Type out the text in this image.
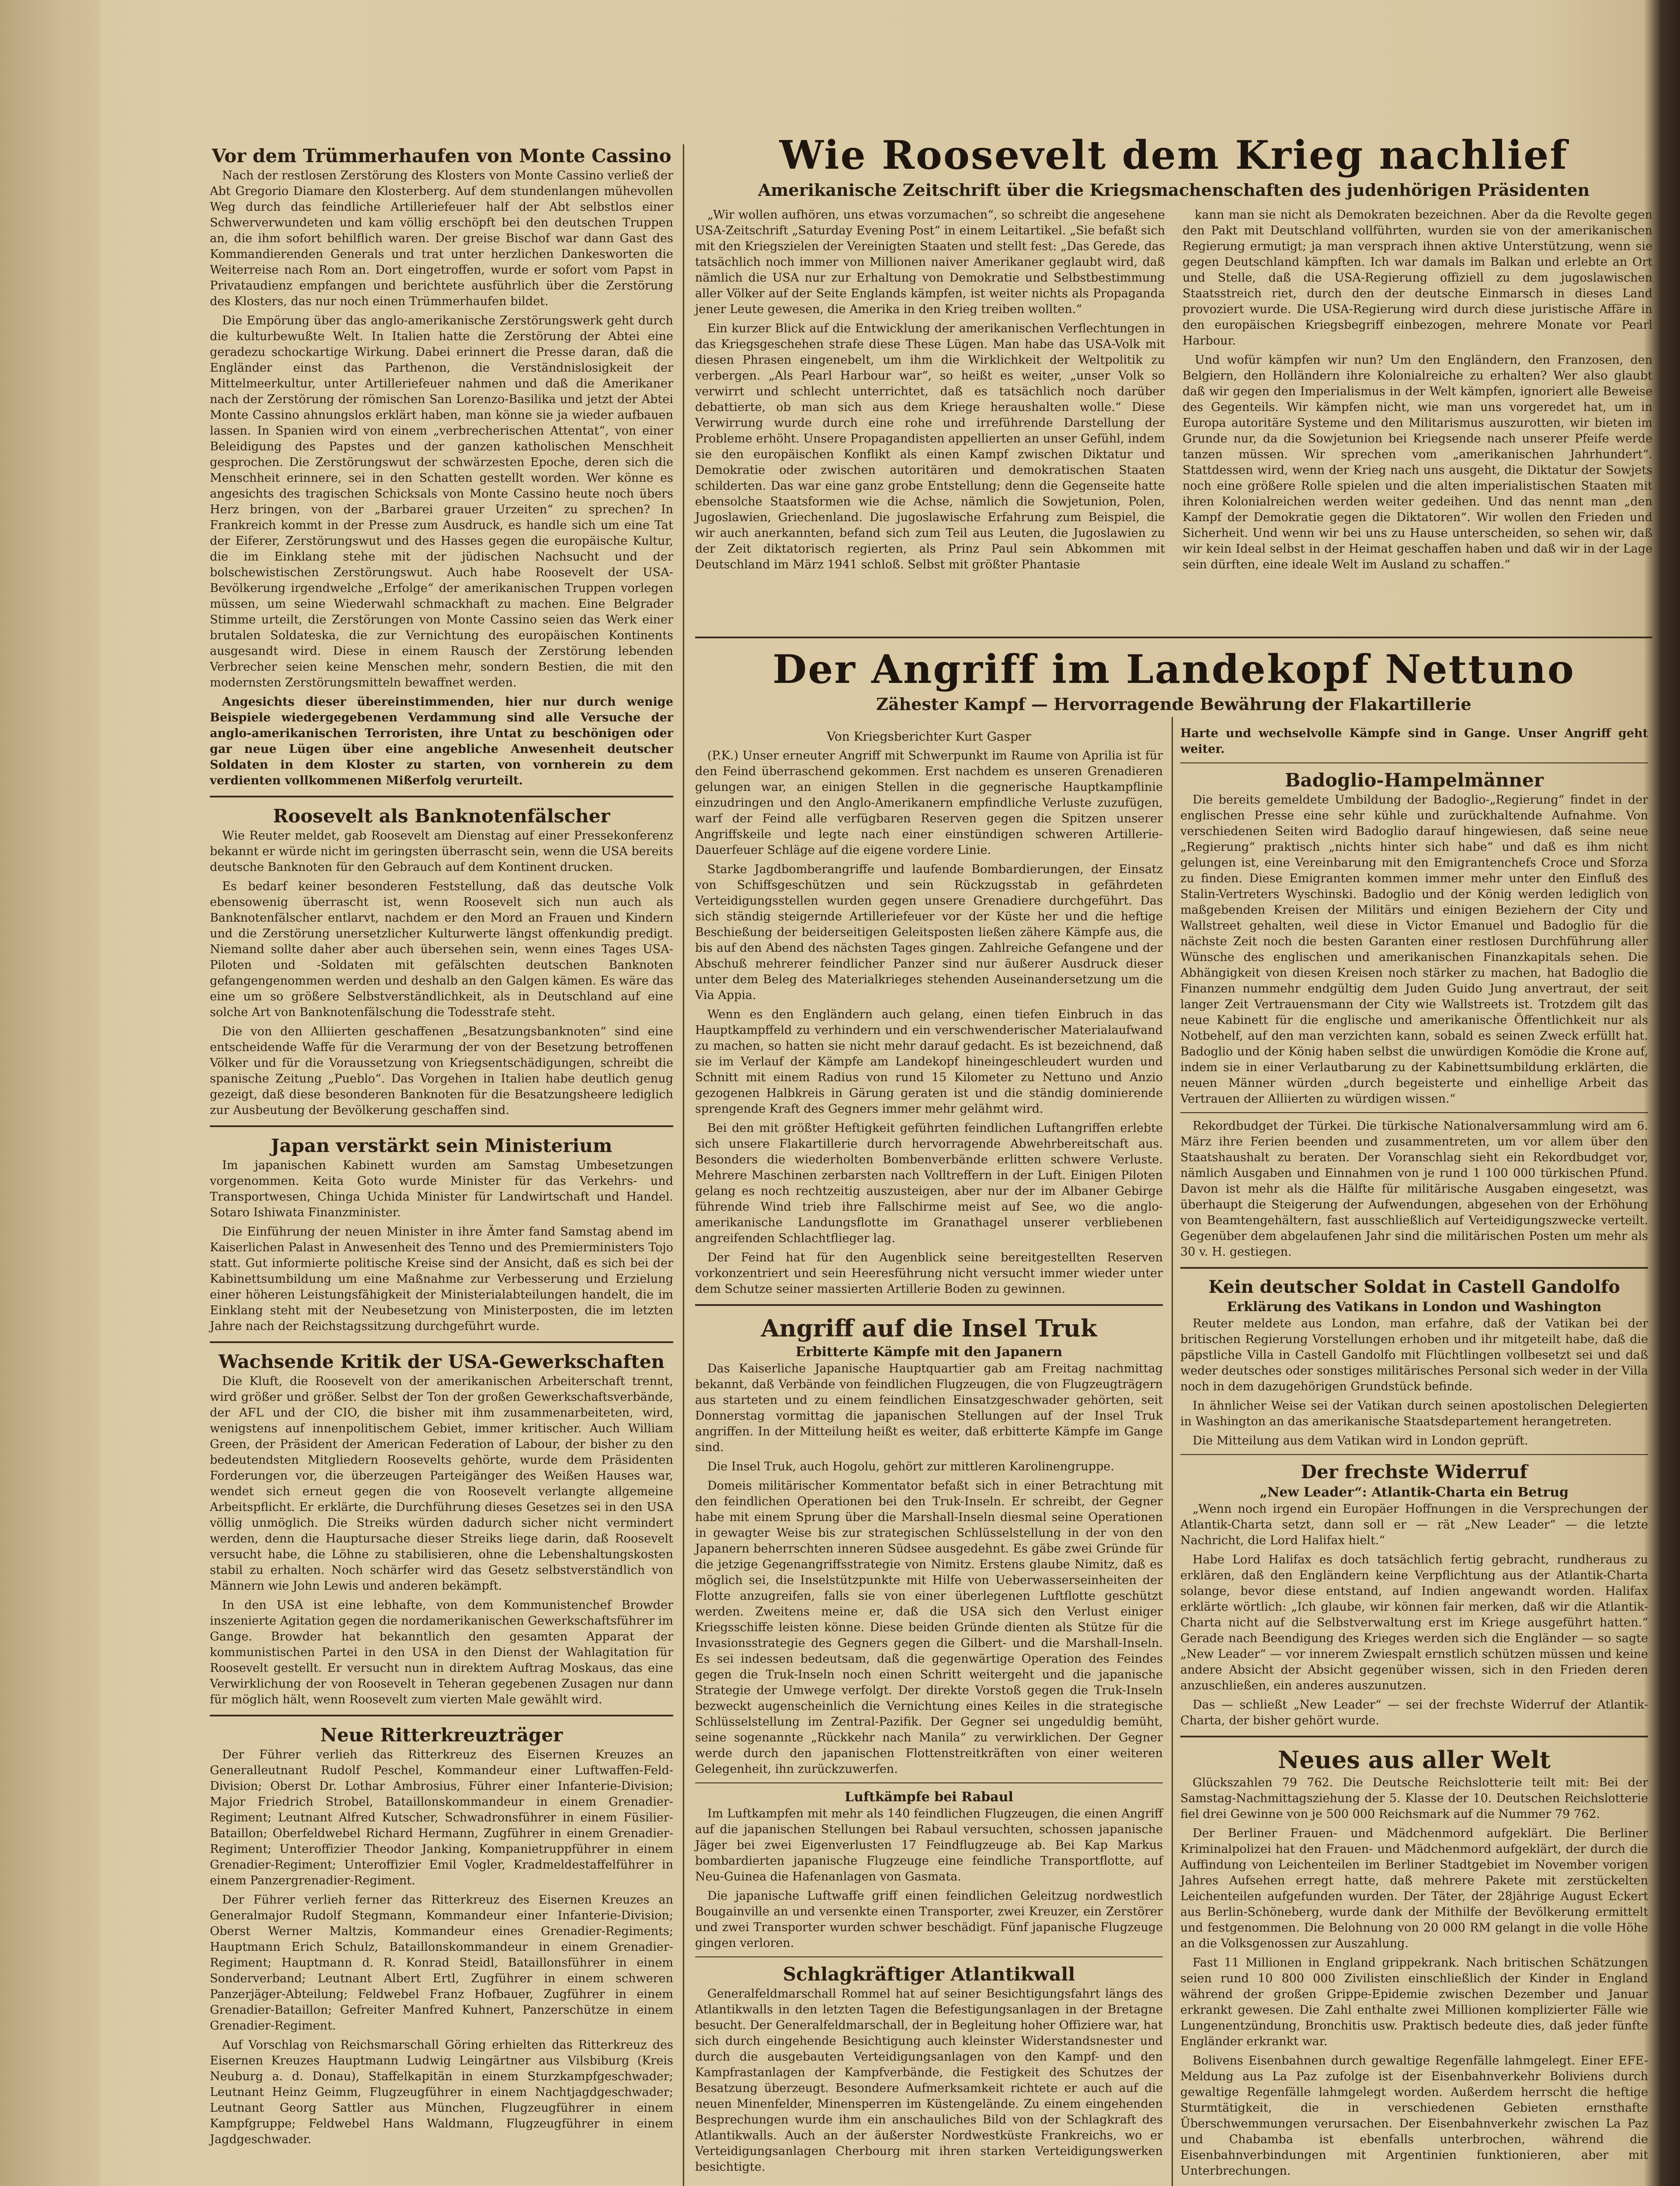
Vor dem Trümmerhaufen von Monte Cassino

Nach der restlosen Zerstörung des Klosters von Monte Cassino verließ der Abt Gregorio Diamare den Klosterberg. Auf dem stundenlangen mühevollen Weg durch das feindliche Artilleriefeuer half der Abt selbstlos einer Schwerverwundeten und kam völlig erschöpft bei den deutschen Truppen an, die ihm sofort behilflich waren. Der greise Bischof war dann Gast des Kommandierenden Generals und trat unter herzlichen Dankesworten die Weiterreise nach Rom an. Dort eingetroffen, wurde er sofort vom Papst in Privataudienz empfangen und berichtete ausführlich über die Zerstörung des Klosters, das nur noch einen Trümmerhaufen bildet.

Die Empörung über das anglo-amerikanische Zerstörungswerk geht durch die kulturbewußte Welt. In Italien hatte die Zerstörung der Abtei eine geradezu schockartige Wirkung. Dabei erinnert die Presse daran, daß die Engländer einst das Parthenon, die Verständnislosigkeit der Mittelmeerkultur, unter Artilleriefeuer nahmen und daß die Amerikaner nach der Zerstörung der römischen San Lorenzo-Basilika und jetzt der Abtei Monte Cassino ahnungslos erklärt haben, man könne sie ja wieder aufbauen lassen. In Spanien wird von einem „verbrecherischen Attentat“, von einer Beleidigung des Papstes und der ganzen katholischen Menschheit gesprochen. Die Zerstörungswut der schwärzesten Epoche, deren sich die Menschheit erinnere, sei in den Schatten gestellt worden. Wer könne es angesichts des tragischen Schicksals von Monte Cassino heute noch übers Herz bringen, von der „Barbarei grauer Urzeiten“ zu sprechen? In Frankreich kommt in der Presse zum Ausdruck, es handle sich um eine Tat der Eiferer, Zerstörungswut und des Hasses gegen die europäische Kultur, die im Einklang stehe mit der jüdischen Nachsucht und der bolschewistischen Zerstörungswut. Auch habe Roosevelt der USA-Bevölkerung irgendwelche „Erfolge“ der amerikanischen Truppen vorlegen müssen, um seine Wiederwahl schmackhaft zu machen. Eine Belgrader Stimme urteilt, die Zerstörungen von Monte Cassino seien das Werk einer brutalen Soldateska, die zur Vernichtung des europäischen Kontinents ausgesandt wird. Diese in einem Rausch der Zerstörung lebenden Verbrecher seien keine Menschen mehr, sondern Bestien, die mit den modernsten Zerstörungsmitteln bewaffnet werden.

Angesichts dieser übereinstimmenden, hier nur durch wenige Beispiele wiedergegebenen Verdammung sind alle Versuche der anglo-amerikanischen Terroristen, ihre Untat zu beschönigen oder gar neue Lügen über eine angebliche Anwesenheit deutscher Soldaten in dem Kloster zu starten, von vornherein zu dem verdienten vollkommenen Mißerfolg verurteilt.

Roosevelt als Banknotenfälscher

Wie Reuter meldet, gab Roosevelt am Dienstag auf einer Pressekonferenz bekannt er würde nicht im geringsten überrascht sein, wenn die USA bereits deutsche Banknoten für den Gebrauch auf dem Kontinent drucken.

Es bedarf keiner besonderen Feststellung, daß das deutsche Volk ebensowenig überrascht ist, wenn Roosevelt sich nun auch als Banknotenfälscher entlarvt, nachdem er den Mord an Frauen und Kindern und die Zerstörung unersetzlicher Kulturwerte längst offenkundig predigt. Niemand sollte daher aber auch übersehen sein, wenn eines Tages USA-Piloten und -Soldaten mit gefälschten deutschen Banknoten gefangengenommen werden und deshalb an den Galgen kämen. Es wäre das eine um so größere Selbstverständlichkeit, als in Deutschland auf eine solche Art von Banknotenfälschung die Todesstrafe steht.

Die von den Alliierten geschaffenen „Besatzungsbanknoten“ sind eine entscheidende Waffe für die Verarmung der von der Besetzung betroffenen Völker und für die Voraussetzung von Kriegsentschädigungen, schreibt die spanische Zeitung „Pueblo“. Das Vorgehen in Italien habe deutlich genug gezeigt, daß diese besonderen Banknoten für die Besatzungsheere lediglich zur Ausbeutung der Bevölkerung geschaffen sind.

Japan verstärkt sein Ministerium

Im japanischen Kabinett wurden am Samstag Umbesetzungen vorgenommen. Keita Goto wurde Minister für das Verkehrs- und Transportwesen, Chinga Uchida Minister für Landwirtschaft und Handel. Sotaro Ishiwata Finanzminister.

Die Einführung der neuen Minister in ihre Ämter fand Samstag abend im Kaiserlichen Palast in Anwesenheit des Tenno und des Premierministers Tojo statt. Gut informierte politische Kreise sind der Ansicht, daß es sich bei der Kabinettsumbildung um eine Maßnahme zur Verbesserung und Erzielung einer höheren Leistungsfähigkeit der Ministerialabteilungen handelt, die im Einklang steht mit der Neubesetzung von Ministerposten, die im letzten Jahre nach der Reichstagssitzung durchgeführt wurde.

Wachsende Kritik der USA-Gewerkschaften

Die Kluft, die Roosevelt von der amerikanischen Arbeiterschaft trennt, wird größer und größer. Selbst der Ton der großen Gewerkschaftsverbände, der AFL und der CIO, die bisher mit ihm zusammenarbeiteten, wird, wenigstens auf innenpolitischem Gebiet, immer kritischer. Auch William Green, der Präsident der American Federation of Labour, der bisher zu den bedeutendsten Mitgliedern Roosevelts gehörte, wurde dem Präsidenten Forderungen vor, die überzeugen Parteigänger des Weißen Hauses war, wendet sich erneut gegen die von Roosevelt verlangte allgemeine Arbeitspflicht. Er erklärte, die Durchführung dieses Gesetzes sei in den USA völlig unmöglich. Die Streiks würden dadurch sicher nicht vermindert werden, denn die Hauptursache dieser Streiks liege darin, daß Roosevelt versucht habe, die Löhne zu stabilisieren, ohne die Lebenshaltungskosten stabil zu erhalten. Noch schärfer wird das Gesetz selbstverständlich von Männern wie John Lewis und anderen bekämpft.

In den USA ist eine lebhafte, von dem Kommunistenchef Browder inszenierte Agitation gegen die nordamerikanischen Gewerkschaftsführer im Gange. Browder hat bekanntlich den gesamten Apparat der kommunistischen Partei in den USA in den Dienst der Wahlagitation für Roosevelt gestellt. Er versucht nun in direktem Auftrag Moskaus, das eine Verwirklichung der von Roosevelt in Teheran gegebenen Zusagen nur dann für möglich hält, wenn Roosevelt zum vierten Male gewählt wird.

Neue Ritterkreuzträger

Der Führer verlieh das Ritterkreuz des Eisernen Kreuzes an Generalleutnant Rudolf Peschel, Kommandeur einer Luftwaffen-Feld-Division; Oberst Dr. Lothar Ambrosius, Führer einer Infanterie-Division; Major Friedrich Strobel, Bataillonskommandeur in einem Grenadier-Regiment; Leutnant Alfred Kutscher, Schwadronsführer in einem Füsilier-Bataillon; Oberfeldwebel Richard Hermann, Zugführer in einem Grenadier-Regiment; Unteroffizier Theodor Janking, Kompanietruppführer in einem Grenadier-Regiment; Unteroffizier Emil Vogler, Kradmeldestaffelführer in einem Panzergrenadier-Regiment.

Der Führer verlieh ferner das Ritterkreuz des Eisernen Kreuzes an Generalmajor Rudolf Stegmann, Kommandeur einer Infanterie-Division; Oberst Werner Maltzis, Kommandeur eines Grenadier-Regiments; Hauptmann Erich Schulz, Bataillonskommandeur in einem Grenadier-Regiment; Hauptmann d. R. Konrad Steidl, Bataillonsführer in einem Sonderverband; Leutnant Albert Ertl, Zugführer in einem schweren Panzerjäger-Abteilung; Feldwebel Franz Hofbauer, Zugführer in einem Grenadier-Bataillon; Gefreiter Manfred Kuhnert, Panzerschütze in einem Grenadier-Regiment.

Auf Vorschlag von Reichsmarschall Göring erhielten das Ritterkreuz des Eisernen Kreuzes Hauptmann Ludwig Leingärtner aus Vilsbiburg (Kreis Neuburg a. d. Donau), Staffelkapitän in einem Sturzkampfgeschwader; Leutnant Heinz Geimm, Flugzeugführer in einem Nachtjagdgeschwader; Leutnant Georg Sattler aus München, Flugzeugführer in einem Kampfgruppe; Feldwebel Hans Waldmann, Flugzeugführer in einem Jagdgeschwader.

Wie Roosevelt dem Krieg nachlief
Amerikanische Zeitschrift über die Kriegsmachenschaften des judenhörigen Präsidenten

„Wir wollen aufhören, uns etwas vorzumachen“, so schreibt die angesehene USA-Zeitschrift „Saturday Evening Post“ in einem Leitartikel. „Sie befaßt sich mit den Kriegszielen der Vereinigten Staaten und stellt fest: „Das Gerede, das tatsächlich noch immer von Millionen naiver Amerikaner geglaubt wird, daß nämlich die USA nur zur Erhaltung von Demokratie und Selbstbestimmung aller Völker auf der Seite Englands kämpfen, ist weiter nichts als Propaganda jener Leute gewesen, die Amerika in den Krieg treiben wollten.“

Ein kurzer Blick auf die Entwicklung der amerikanischen Verflechtungen in das Kriegsgeschehen strafe diese These Lügen. Man habe das USA-Volk mit diesen Phrasen eingenebelt, um ihm die Wirklichkeit der Weltpolitik zu verbergen. „Als Pearl Harbour war“, so heißt es weiter, „unser Volk so verwirrt und schlecht unterrichtet, daß es tatsächlich noch darüber debattierte, ob man sich aus dem Kriege heraushalten wolle.“ Diese Verwirrung wurde durch eine rohe und irreführende Darstellung der Probleme erhöht. Unsere Propagandisten appellierten an unser Gefühl, indem sie den europäischen Konflikt als einen Kampf zwischen Diktatur und Demokratie oder zwischen autoritären und demokratischen Staaten schilderten. Das war eine ganz grobe Entstellung; denn die Gegenseite hatte ebensolche Staatsformen wie die Achse, nämlich die Sowjetunion, Polen, Jugoslawien, Griechenland. Die jugoslawische Erfahrung zum Beispiel, die wir auch anerkannten, befand sich zum Teil aus Leuten, die Jugoslawien zu der Zeit diktatorisch regierten, als Prinz Paul sein Abkommen mit Deutschland im März 1941 schloß. Selbst mit größter Phantasie

kann man sie nicht als Demokraten bezeichnen. Aber da die Revolte gegen den Pakt mit Deutschland vollführten, wurden sie von der amerikanischen Regierung ermutigt; ja man versprach ihnen aktive Unterstützung, wenn sie gegen Deutschland kämpften. Ich war damals im Balkan und erlebte an Ort und Stelle, daß die USA-Regierung offiziell zu dem jugoslawischen Staatsstreich riet, durch den der deutsche Einmarsch in dieses Land provoziert wurde. Die USA-Regierung wird durch diese juristische Affäre in den europäischen Kriegsbegriff einbezogen, mehrere Monate vor Pearl Harbour.

Und wofür kämpfen wir nun? Um den Engländern, den Franzosen, den Belgiern, den Holländern ihre Kolonialreiche zu erhalten? Wer also glaubt daß wir gegen den Imperialismus in der Welt kämpfen, ignoriert alle Beweise des Gegenteils. Wir kämpfen nicht, wie man uns vorgeredet hat, um in Europa autoritäre Systeme und den Militarismus auszurotten, wir bieten im Grunde nur, da die Sowjetunion bei Kriegsende nach unserer Pfeife werde tanzen müssen. Wir sprechen vom „amerikanischen Jahrhundert“. Stattdessen wird, wenn der Krieg nach uns ausgeht, die Diktatur der Sowjets noch eine größere Rolle spielen und die alten imperialistischen Staaten mit ihren Kolonialreichen werden weiter gedeihen. Und das nennt man „den Kampf der Demokratie gegen die Diktatoren“. Wir wollen den Frieden und Sicherheit. Und wenn wir bei uns zu Hause unterscheiden, so sehen wir, daß wir kein Ideal selbst in der Heimat geschaffen haben und daß wir in der Lage sein dürften, eine ideale Welt im Ausland zu schaffen.“

Der Angriff im Landekopf Nettuno
Zähester Kampf — Hervorragende Bewährung der Flakartillerie
Von Kriegsberichter Kurt Gasper

(P.K.) Unser erneuter Angriff mit Schwerpunkt im Raume von Aprilia ist für den Feind überraschend gekommen. Erst nachdem es unseren Grenadieren gelungen war, an einigen Stellen in die gegnerische Hauptkampflinie einzudringen und den Anglo-Amerikanern empfindliche Verluste zuzufügen, warf der Feind alle verfügbaren Reserven gegen die Spitzen unserer Angriffskeile und legte nach einer einstündigen schweren Artillerie-Dauerfeuer Schläge auf die eigene vordere Linie.

Starke Jagdbomberangriffe und laufende Bombardierungen, der Einsatz von Schiffsgeschützen und sein Rückzugsstab in gefährdeten Verteidigungsstellen wurden gegen unsere Grenadiere durchgeführt. Das sich ständig steigernde Artilleriefeuer vor der Küste her und die heftige Beschießung der beiderseitigen Geleitsposten ließen zähere Kämpfe aus, die bis auf den Abend des nächsten Tages gingen. Zahlreiche Gefangene und der Abschuß mehrerer feindlicher Panzer sind nur äußerer Ausdruck dieser unter dem Beleg des Materialkrieges stehenden Auseinandersetzung um die Via Appia.

Wenn es den Engländern auch gelang, einen tiefen Einbruch in das Hauptkampffeld zu verhindern und ein verschwenderischer Materialaufwand zu machen, so hatten sie nicht mehr darauf gedacht. Es ist bezeichnend, daß sie im Verlauf der Kämpfe am Landekopf hineingeschleudert wurden und Schnitt mit einem Radius von rund 15 Kilometer zu Nettuno und Anzio gezogenen Halbkreis in Gärung geraten ist und die ständig dominierende sprengende Kraft des Gegners immer mehr gelähmt wird.

Bei den mit größter Heftigkeit geführten feindlichen Luftangriffen erlebte sich unsere Flakartillerie durch hervorragende Abwehrbereitschaft aus. Besonders die wiederholten Bombenverbände erlitten schwere Verluste. Mehrere Maschinen zerbarsten nach Volltreffern in der Luft. Einigen Piloten gelang es noch rechtzeitig auszusteigen, aber nur der im Albaner Gebirge führende Wind trieb ihre Fallschirme meist auf See, wo die anglo-amerikanische Landungsflotte im Granathagel unserer verbliebenen angreifenden Schlachtflieger lag.

Der Feind hat für den Augenblick seine bereitgestellten Reserven vorkonzentriert und sein Heeresführung nicht versucht immer wieder unter dem Schutze seiner massierten Artillerie Boden zu gewinnen.

Angriff auf die Insel Truk
Erbitterte Kämpfe mit den Japanern

Das Kaiserliche Japanische Hauptquartier gab am Freitag nachmittag bekannt, daß Verbände von feindlichen Flugzeugen, die von Flugzeugträgern aus starteten und zu einem feindlichen Einsatzgeschwader gehörten, seit Donnerstag vormittag die japanischen Stellungen auf der Insel Truk angriffen. In der Mitteilung heißt es weiter, daß erbitterte Kämpfe im Gange sind.

Die Insel Truk, auch Hogolu, gehört zur mittleren Karolinengruppe.

Domeis militärischer Kommentator befaßt sich in einer Betrachtung mit den feindlichen Operationen bei den Truk-Inseln. Er schreibt, der Gegner habe mit einem Sprung über die Marshall-Inseln diesmal seine Operationen in gewagter Weise bis zur strategischen Schlüsselstellung in der von den Japanern beherrschten inneren Südsee ausgedehnt. Es gäbe zwei Gründe für die jetzige Gegenangriffsstrategie von Nimitz. Erstens glaube Nimitz, daß es möglich sei, die Inselstützpunkte mit Hilfe von Ueberwasserseinheiten der Flotte anzugreifen, falls sie von einer überlegenen Luftflotte geschützt werden. Zweitens meine er, daß die USA sich den Verlust einiger Kriegsschiffe leisten könne. Diese beiden Gründe dienten als Stütze für die Invasionsstrategie des Gegners gegen die Gilbert- und die Marshall-Inseln. Es sei indessen bedeutsam, daß die gegenwärtige Operation des Feindes gegen die Truk-Inseln noch einen Schritt weitergeht und die japanische Strategie der Umwege verfolgt. Der direkte Vorstoß gegen die Truk-Inseln bezweckt augenscheinlich die Vernichtung eines Keiles in die strategische Schlüsselstellung im Zentral-Pazifik. Der Gegner sei ungeduldig bemüht, seine sogenannte „Rückkehr nach Manila“ zu verwirklichen. Der Gegner werde durch den japanischen Flottenstreitkräften von einer weiteren Gelegenheit, ihn zurückzuwerfen.

Luftkämpfe bei Rabaul

Im Luftkampfen mit mehr als 140 feindlichen Flugzeugen, die einen Angriff auf die japanischen Stellungen bei Rabaul versuchten, schossen japanische Jäger bei zwei Eigenverlusten 17 Feindflugzeuge ab. Bei Kap Markus bombardierten japanische Flugzeuge eine feindliche Transportflotte, auf Neu-Guinea die Hafenanlagen von Gasmata.

Die japanische Luftwaffe griff einen feindlichen Geleitzug nordwestlich Bougainville an und versenkte einen Transporter, zwei Kreuzer, ein Zerstörer und zwei Transporter wurden schwer beschädigt. Fünf japanische Flugzeuge gingen verloren.

Schlagkräftiger Atlantikwall

Generalfeldmarschall Rommel hat auf seiner Besichtigungsfahrt längs des Atlantikwalls in den letzten Tagen die Befestigungsanlagen in der Bretagne besucht. Der Generalfeldmarschall, der in Begleitung hoher Offiziere war, hat sich durch eingehende Besichtigung auch kleinster Widerstandsnester und durch die ausgebauten Verteidigungsanlagen von den Kampf- und den Kampfrastanlagen der Kampfverbände, die Festigkeit des Schutzes der Besatzung überzeugt. Besondere Aufmerksamkeit richtete er auch auf die neuen Minenfelder, Minensperren im Küstengelände. Zu einem eingehenden Besprechungen wurde ihm ein anschauliches Bild von der Schlagkraft des Atlantikwalls. Auch an der äußerster Nordwestküste Frankreichs, wo er Verteidigungsanlagen Cherbourg mit ihren starken Verteidigungswerken besichtigte.

Harte und wechselvolle Kämpfe sind in Gange. Unser Angriff geht weiter.

Badoglio-Hampelmänner

Die bereits gemeldete Umbildung der Badoglio-„Regierung“ findet in der englischen Presse eine sehr kühle und zurückhaltende Aufnahme. Von verschiedenen Seiten wird Badoglio darauf hingewiesen, daß seine neue „Regierung“ praktisch „nichts hinter sich habe“ und daß es ihm nicht gelungen ist, eine Vereinbarung mit den Emigrantenchefs Croce und Sforza zu finden. Diese Emigranten kommen immer mehr unter den Einfluß des Stalin-Vertreters Wyschinski. Badoglio und der König werden lediglich von maßgebenden Kreisen der Militärs und einigen Beziehern der City und Wallstreet gehalten, weil diese in Victor Emanuel und Badoglio für die nächste Zeit noch die besten Garanten einer restlosen Durchführung aller Wünsche des englischen und amerikanischen Finanzkapitals sehen. Die Abhängigkeit von diesen Kreisen noch stärker zu machen, hat Badoglio die Finanzen nummehr endgültig dem Juden Guido Jung anvertraut, der seit langer Zeit Vertrauensmann der City wie Wallstreets ist. Trotzdem gilt das neue Kabinett für die englische und amerikanische Öffentlichkeit nur als Notbehelf, auf den man verzichten kann, sobald es seinen Zweck erfüllt hat. Badoglio und der König haben selbst die unwürdigen Komödie die Krone auf, indem sie in einer Verlautbarung zu der Kabinettsumbildung erklärten, die neuen Männer würden „durch begeisterte und einhellige Arbeit das Vertrauen der Alliierten zu würdigen wissen.“

Rekordbudget der Türkei. Die türkische Nationalversammlung wird am 6. März ihre Ferien beenden und zusammentreten, um vor allem über den Staatshaushalt zu beraten. Der Voranschlag sieht ein Rekordbudget vor, nämlich Ausgaben und Einnahmen von je rund 1 100 000 türkischen Pfund. Davon ist mehr als die Hälfte für militärische Ausgaben eingesetzt, was überhaupt die Steigerung der Aufwendungen, abgesehen von der Erhöhung von Beamtengehältern, fast ausschließlich auf Verteidigungszwecke verteilt. Gegenüber dem abgelaufenen Jahr sind die militärischen Posten um mehr als 30 v. H. gestiegen.

Kein deutscher Soldat in Castell Gandolfo
Erklärung des Vatikans in London und Washington

Reuter meldete aus London, man erfahre, daß der Vatikan bei der britischen Regierung Vorstellungen erhoben und ihr mitgeteilt habe, daß die päpstliche Villa in Castell Gandolfo mit Flüchtlingen vollbesetzt sei und daß weder deutsches oder sonstiges militärisches Personal sich weder in der Villa noch in dem dazugehörigen Grundstück befinde.

In ähnlicher Weise sei der Vatikan durch seinen apostolischen Delegierten in Washington an das amerikanische Staatsdepartement herangetreten.

Die Mitteilung aus dem Vatikan wird in London geprüft.

Der frechste Widerruf
„New Leader“: Atlantik-Charta ein Betrug

„Wenn noch irgend ein Europäer Hoffnungen in die Versprechungen der Atlantik-Charta setzt, dann soll er — rät „New Leader“ — die letzte Nachricht, die Lord Halifax hielt.“

Habe Lord Halifax es doch tatsächlich fertig gebracht, rundheraus zu erklären, daß den Engländern keine Verpflichtung aus der Atlantik-Charta solange, bevor diese entstand, auf Indien angewandt worden. Halifax erklärte wörtlich: „Ich glaube, wir können fair merken, daß wir die Atlantik-Charta nicht auf die Selbstverwaltung erst im Kriege ausgeführt hatten.“ Gerade nach Beendigung des Krieges werden sich die Engländer — so sagte „New Leader“ — vor innerem Zwiespalt ernstlich schützen müssen und keine andere Absicht der Absicht gegenüber wissen, sich in den Frieden deren anzuschließen, ein anderes auszunutzen.

Das — schließt „New Leader“ — sei der frechste Widerruf der Atlantik-Charta, der bisher gehört wurde.

Neues aus aller Welt

Glückszahlen 79 762. Die Deutsche Reichslotterie teilt mit: Bei der Samstag-Nachmittagsziehung der 5. Klasse der 10. Deutschen Reichslotterie fiel drei Gewinne von je 500 000 Reichsmark auf die Nummer 79 762.

Der Berliner Frauen- und Mädchenmord aufgeklärt. Die Berliner Kriminalpolizei hat den Frauen- und Mädchenmord aufgeklärt, der durch die Auffindung von Leichenteilen im Berliner Stadtgebiet im November vorigen Jahres Aufsehen erregt hatte, daß mehrere Pakete mit zerstückelten Leichenteilen aufgefunden wurden. Der Täter, der 28jährige August Eckert aus Berlin-Schöneberg, wurde dank der Mithilfe der Bevölkerung ermittelt und festgenommen. Die Belohnung von 20 000 RM gelangt in die volle Höhe an die Volksgenossen zur Auszahlung.

Fast 11 Millionen in England grippekrank. Nach britischen Schätzungen seien rund 10 800 000 Zivilisten einschließlich der Kinder in England während der großen Grippe-Epidemie zwischen Dezember und Januar erkrankt gewesen. Die Zahl enthalte zwei Millionen komplizierter Fälle wie Lungenentzündung, Bronchitis usw. Praktisch bedeute dies, daß jeder fünfte Engländer erkrankt war.

Bolivens Eisenbahnen durch gewaltige Regenfälle lahmgelegt. Einer EFE-Meldung aus La Paz zufolge ist der Eisenbahnverkehr Boliviens durch gewaltige Regenfälle lahmgelegt worden. Außerdem herrscht die heftige Sturmtätigkeit, die in verschiedenen Gebieten ernsthafte Überschwemmungen verursachen. Der Eisenbahnverkehr zwischen La Paz und Chabamba ist ebenfalls unterbrochen, während die Eisenbahnverbindungen mit Argentinien funktionieren, aber mit Unterbrechungen.
